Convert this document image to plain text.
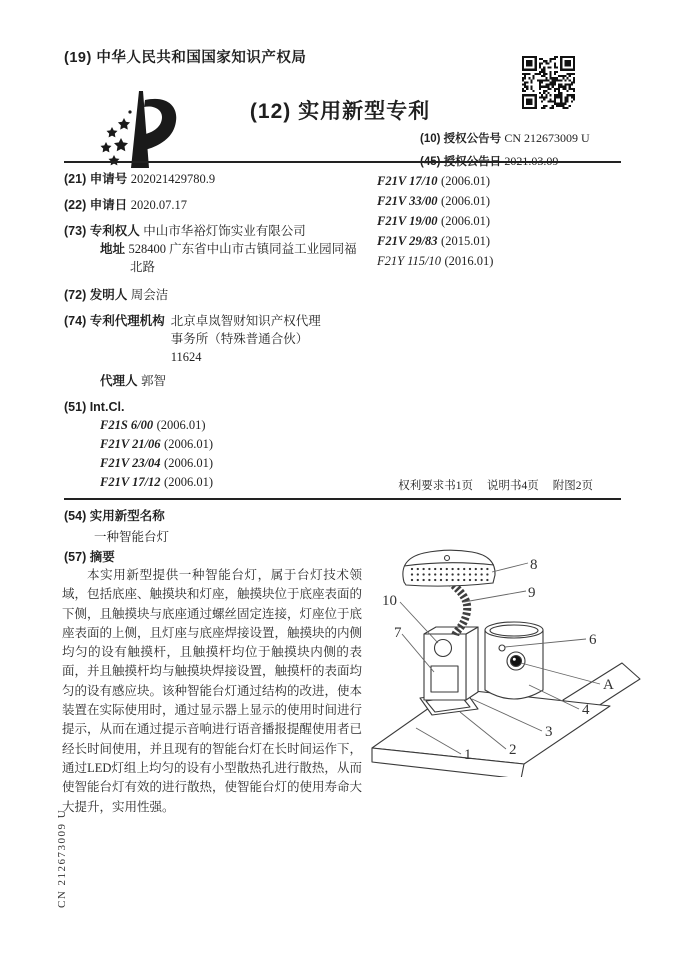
(19) 中华人民共和国国家知识产权局
(12) 实用新型专利
(10) 授权公告号 CN 212673009 U
(21) 申请号 202021429780.9
(22) 申请日 2020.07.17
(73) 专利权人 中山市华裕灯饰实业有限公司
地址 528400 广东省中山市古镇同益工业园同福北路
(72) 发明人 周会洁
(74) 专利代理机构 北京卓岚智财知识产权代理事务所（特殊普通合伙）11624
代理人 郭智
(51) Int.Cl.
F21S 6/00 (2006.01)
F21V 21/06 (2006.01)
F21V 23/04 (2006.01)
F21V 17/12 (2006.01)
F21V 17/10 (2006.01)
F21V 33/00 (2006.01)
F21V 19/00 (2006.01)
F21V 29/83 (2015.01)
F21Y 115/10 (2016.01)
权利要求书1页 说明书4页 附图2页
(54) 实用新型名称
一种智能台灯
(57) 摘要
本实用新型提供一种智能台灯，属于台灯技术领域，包括底座、触摸块和灯座，触摸块位于底座表面的下侧，且触摸块与底座通过螺丝固定连接，灯座位于底座表面的上侧，且灯座与底座焊接设置，触摸块的内侧均匀的设有触摸杆，且触摸杆均位于触摸块内侧的表面，并且触摸杆均与触摸块焊接设置，触摸杆的表面均匀的设有感应块。该种智能台灯通过结构的改进，使本装置在实际使用时，通过显示器上显示的使用时间进行提示，从而在通过提示音响进行语音播报提醒使用者已经长时间使用，并且现有的智能台灯在长时间运作下，通过LED灯组上均匀的设有小型散热孔进行散热，从而使智能台灯有效的进行散热，使智能台灯的使用寿命大大提升，实用性强。
8
9
10
7	6
A
4
3
2
1
CN 212673009 U
